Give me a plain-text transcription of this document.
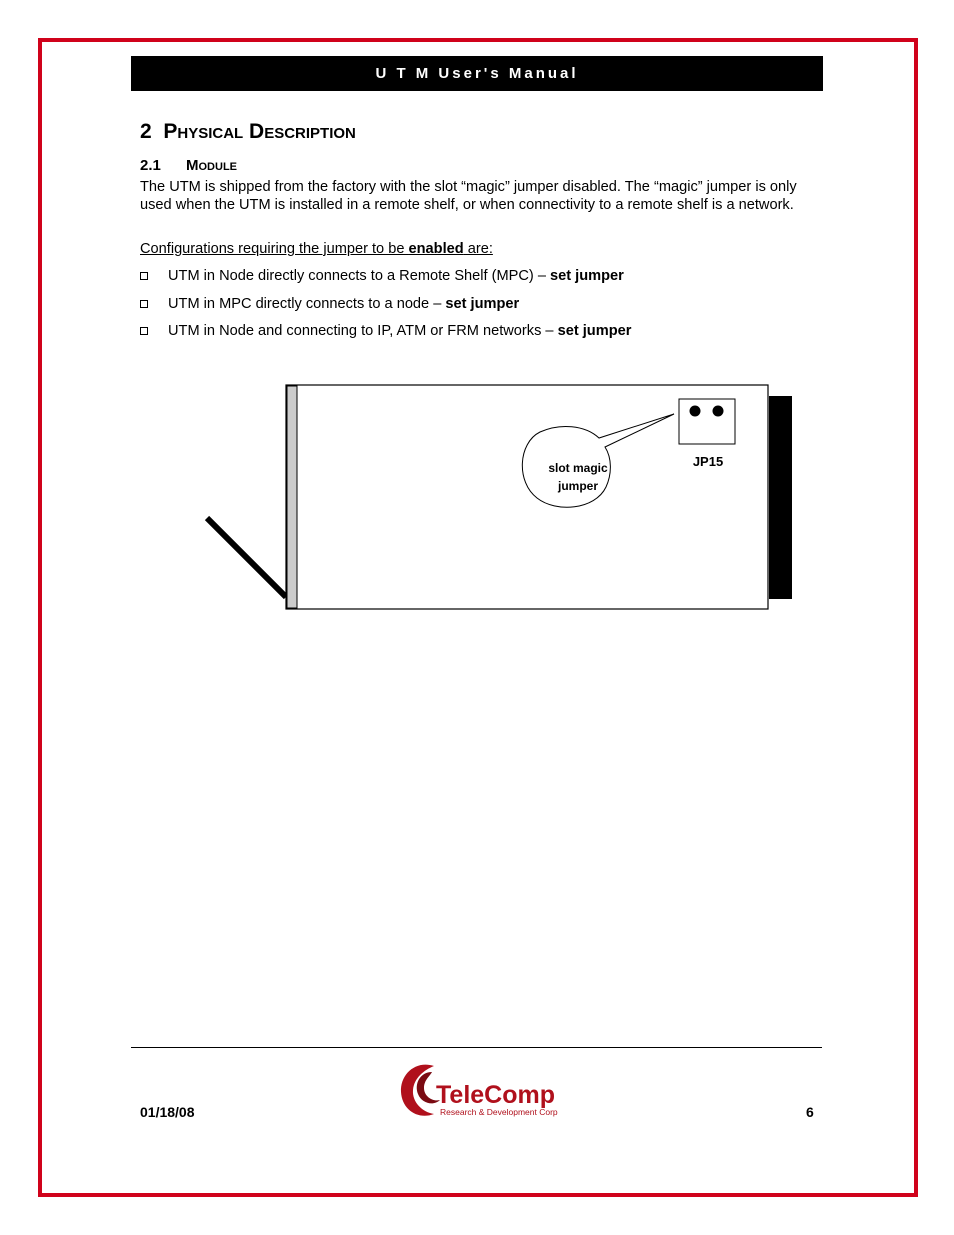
U T M User's Manual
2 Physical Description
2.1 Module

The UTM is shipped from the factory with the slot “magic” jumper disabled. The “magic” jumper is only used when the UTM is installed in a remote shelf, or when connectivity to a remote shelf is a network.

Configurations requiring the jumper to be enabled are:

UTM in Node directly connects to a Remote Shelf (MPC) –
set jumper

UTM in MPC directly connects to a node –
set jumper

UTM in Node and connecting to IP, ATM or FRM networks –
set jumper

JP15
slot magic
jumper
01/18/08	6
TeleComp
Research & Development Corp
